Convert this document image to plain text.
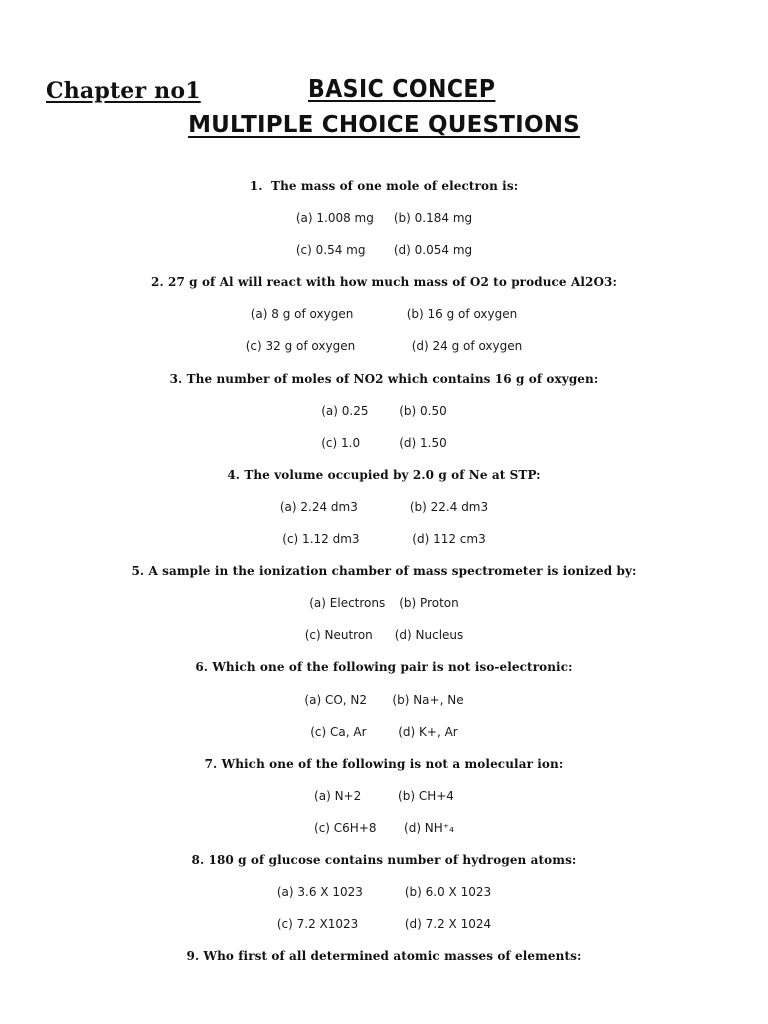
Chapter no1	BASIC CONCEP
MULTIPLE CHOICE QUESTIONS
1.  The mass of one mole of electron is:
(a) 1.008 mg (b) 0.184 mg
(c) 0.54 mg (d) 0.054 mg
2. 27 g of Al will react with how much mass of O2 to produce Al2O3:
(a) 8 g of oxygen	(b) 16 g of oxygen
(c) 32 g of oxygen	(d) 24 g of oxygen
3. The number of moles of NO2 which contains 16 g of oxygen:
(a) 0.25	(b) 0.50
(c) 1.0	(d) 1.50
4. The volume occupied by 2.0 g of Ne at STP:
(a) 2.24 dm3	(b) 22.4 dm3
(c) 1.12 dm3	(d) 112 cm3
5. A sample in the ionization chamber of mass spectrometer is ionized by:
(a) Electrons (b) Proton
(c) Neutron (d) Nucleus
6. Which one of the following pair is not iso-electronic:
(a) CO, N2 (b) Na+, Ne
(c) Ca, Ar	(d) K+, Ar
7. Which one of the following is not a molecular ion:
(a) N+2	(b) CH+4
(c) C6H+8 (d) NH⁺₄
8. 180 g of glucose contains number of hydrogen atoms:
(a) 3.6 X 1023	(b) 6.0 X 1023
(c) 7.2 X1023	(d) 7.2 X 1024
9. Who first of all determined atomic masses of elements:
